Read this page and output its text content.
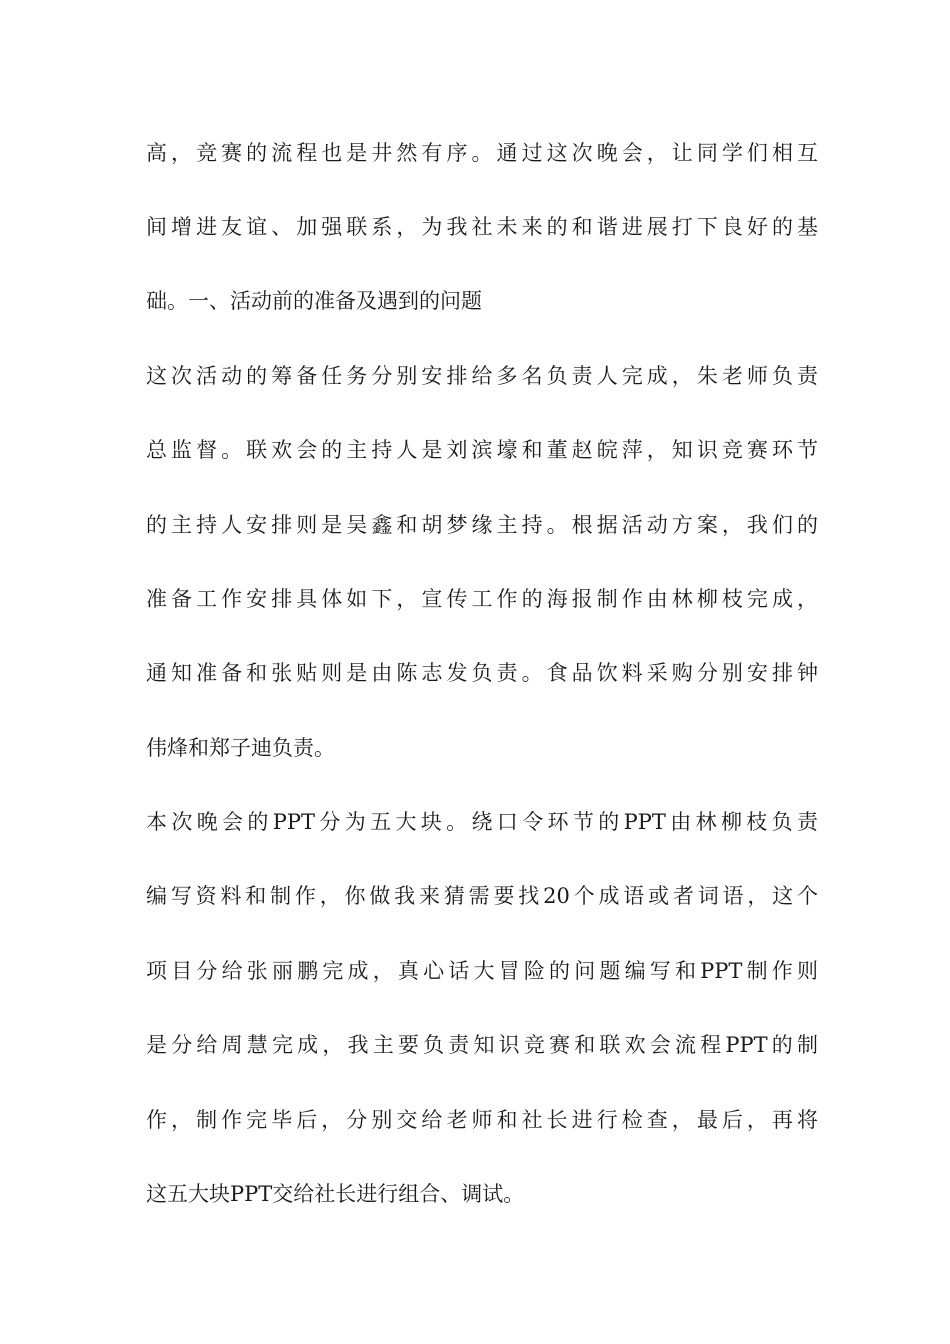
高，竞赛的流程也是井然有序。通过这次晚会，让同学们相互
间增进友谊、加强联系，为我社未来的和谐进展打下良好的基
础。一、活动前的准备及遇到的问题
这次活动的筹备任务分别安排给多名负责人完成，朱老师负责
总监督。联欢会的主持人是刘滨壕和董赵皖萍，知识竞赛环节
的主持人安排则是吴鑫和胡梦缘主持。根据活动方案，我们的
准备工作安排具体如下，宣传工作的海报制作由林柳枝完成，
通知准备和张贴则是由陈志发负责。食品饮料采购分别安排钟
伟烽和郑子迪负责。
本次晚会的PPT分为五大块。绕口令环节的PPT由林柳枝负责
编写资料和制作，你做我来猜需要找20个成语或者词语，这个
项目分给张丽鹏完成，真心话大冒险的问题编写和PPT制作则
是分给周慧完成，我主要负责知识竞赛和联欢会流程PPT的制
作，制作完毕后，分别交给老师和社长进行检查，最后，再将
这五大块PPT交给社长进行组合、调试。
